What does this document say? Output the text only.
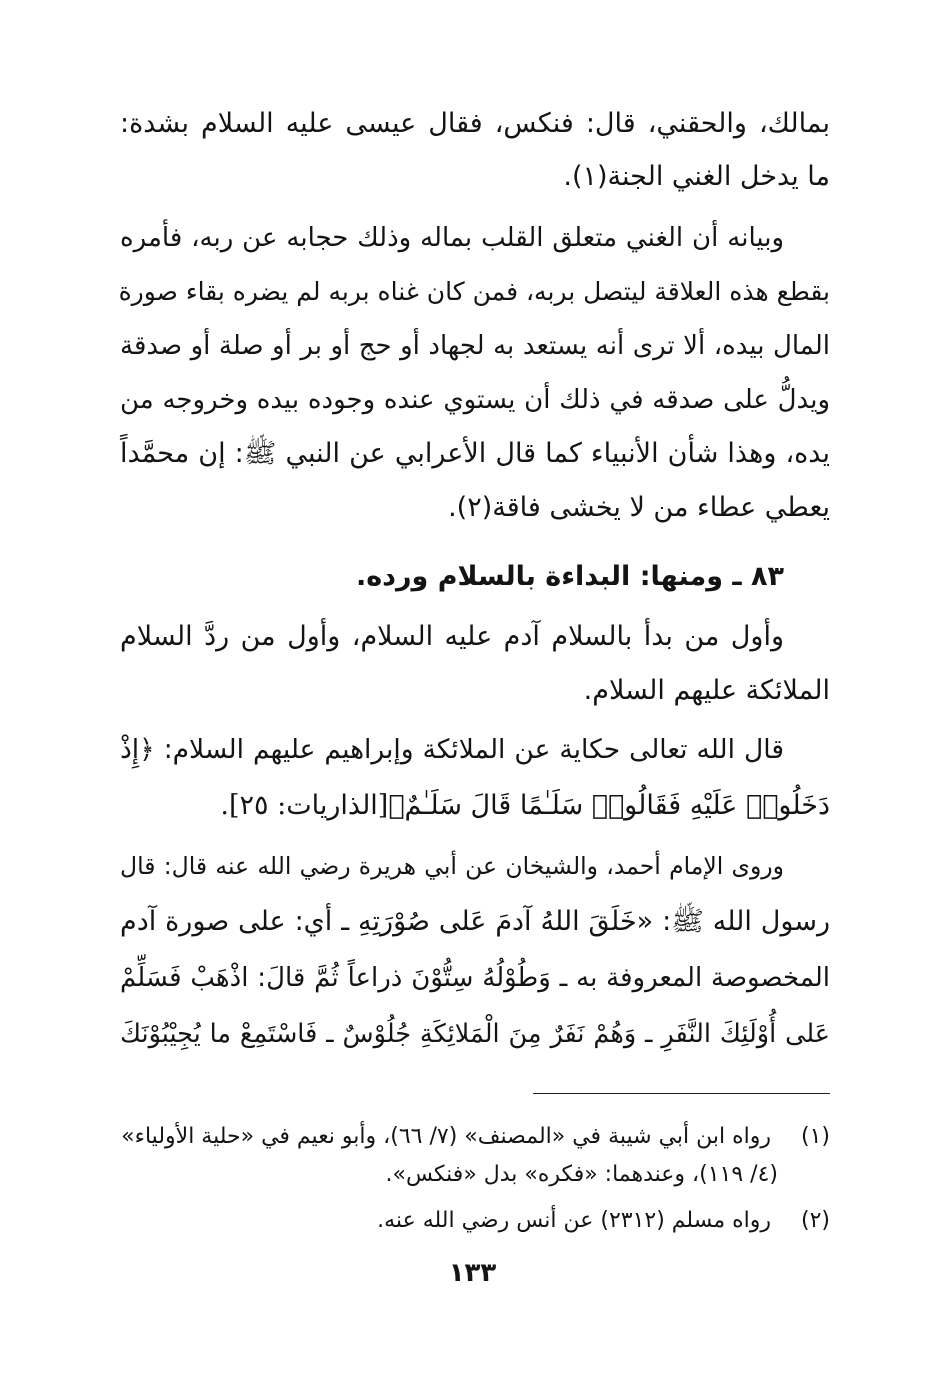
بمالك، والحقني، قال: فنكس، فقال عيسى عليه السلام بشدة:
ما يدخل الغني الجنة(١).
وبيانه أن الغني متعلق القلب بماله وذلك حجابه عن ربه، فأمره
بقطع هذه العلاقة ليتصل بربه، فمن كان غناه بربه لم يضره بقاء صورة
المال بيده، ألا ترى أنه يستعد به لجهاد أو حج أو بر أو صلة أو صدقة
ويدلُّ على صدقه في ذلك أن يستوي عنده وجوده بيده وخروجه من
يده، وهذا شأن الأنبياء كما قال الأعرابي عن النبي ﷺ: إن محمَّداً
يعطي عطاء من لا يخشى فاقة(٢).
٨٣ ـ ومنها: البداءة بالسلام ورده.
وأول من بدأ بالسلام آدم عليه السلام، وأول من ردَّ السلام
الملائكة عليهم السلام.
قال الله تعالى حكاية عن الملائكة وإبراهيم عليهم السلام: ﴿إِذْ
دَخَلُوا۟ عَلَيْهِ فَقَالُوا۟ سَلَـٰمًا قَالَ سَلَـٰمٌ﴾[الذاريات: ٢٥].
وروى الإمام أحمد، والشيخان عن أبي هريرة رضي الله عنه قال: قال
رسول الله ﷺ: «خَلَقَ اللهُ آدمَ عَلى صُوْرَتِهِ ـ أي: على صورة آدم
المخصوصة المعروفة به ـ وَطُوْلُهُ سِتُّوْنَ ذراعاً ثُمَّ قالَ: اذْهَبْ فَسَلِّمْ
عَلى أُوْلَئِكَ النَّفَرِ ـ وَهُمْ نَفَرٌ مِنَ الْمَلائِكَةِ جُلُوْسٌ ـ فَاسْتَمِعْ ما يُجِيْبُوْنَكَ
(١) رواه ابن أبي شيبة في «المصنف» (٧/ ٦٦)، وأبو نعيم في «حلية الأولياء»
(٤/ ١١٩)، وعندهما: «فكره» بدل «فنكس».
(٢) رواه مسلم (٢٣١٢) عن أنس رضي الله عنه.
١٣٣
